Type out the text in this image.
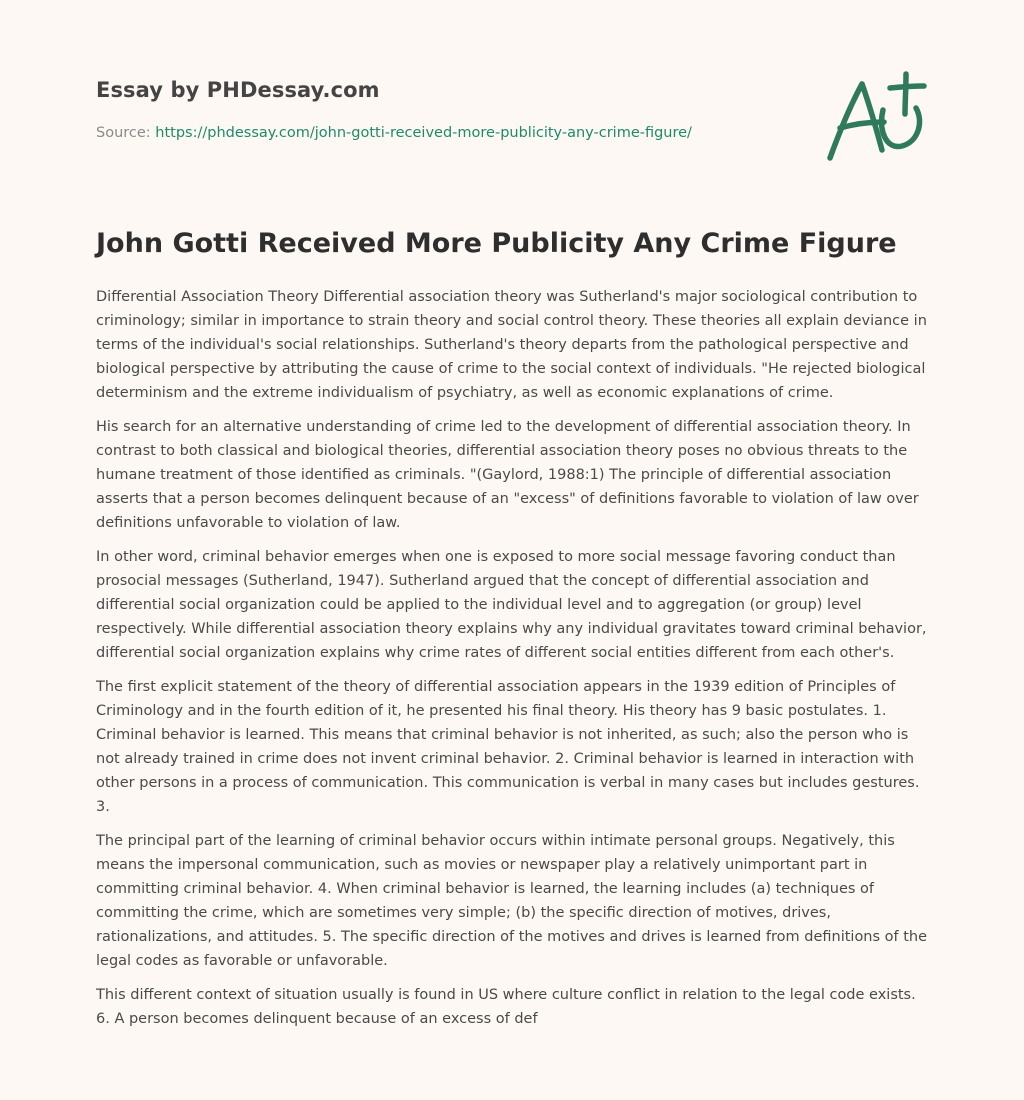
Essay by PHDessay.com

Source: https://phdessay.com/john-gotti-received-more-publicity-any-crime-figure/
John Gotti Received More Publicity Any Crime Figure

Differential Association Theory Differential association theory was Sutherland's major sociological contribution to criminology; similar in importance to strain theory and social control theory. These theories all explain deviance in terms of the individual's social relationships. Sutherland's theory departs from the pathological perspective and biological perspective by attributing the cause of crime to the social context of individuals. "He rejected biological determinism and the extreme individualism of psychiatry, as well as economic explanations of crime.

His search for an alternative understanding of crime led to the development of differential association theory. In contrast to both classical and biological theories, differential association theory poses no obvious threats to the humane treatment of those identified as criminals. "(Gaylord, 1988:1) The principle of differential association asserts that a person becomes delinquent because of an "excess" of definitions favorable to violation of law over definitions unfavorable to violation of law.

In other word, criminal behavior emerges when one is exposed to more social message favoring conduct than prosocial messages (Sutherland, 1947). Sutherland argued that the concept of differential association and differential social organization could be applied to the individual level and to aggregation (or group) level respectively. While differential association theory explains why any individual gravitates toward criminal behavior, differential social organization explains why crime rates of different social entities different from each other's.

The first explicit statement of the theory of differential association appears in the 1939 edition of Principles of Criminology and in the fourth edition of it, he presented his final theory. His theory has 9 basic postulates. 1. Criminal behavior is learned. This means that criminal behavior is not inherited, as such; also the person who is not already trained in crime does not invent criminal behavior. 2. Criminal behavior is learned in interaction with other persons in a process of communication. This communication is verbal in many cases but includes gestures. 3.

The principal part of the learning of criminal behavior occurs within intimate personal groups. Negatively, this means the impersonal communication, such as movies or newspaper play a relatively unimportant part in committing criminal behavior. 4. When criminal behavior is learned, the learning includes (a) techniques of committing the crime, which are sometimes very simple; (b) the specific direction of motives, drives, rationalizations, and attitudes. 5. The specific direction of the motives and drives is learned from definitions of the legal codes as favorable or unfavorable.

This different context of situation usually is found in US where culture conflict in relation to the legal code exists. 6. A person becomes delinquent because of an excess of def
